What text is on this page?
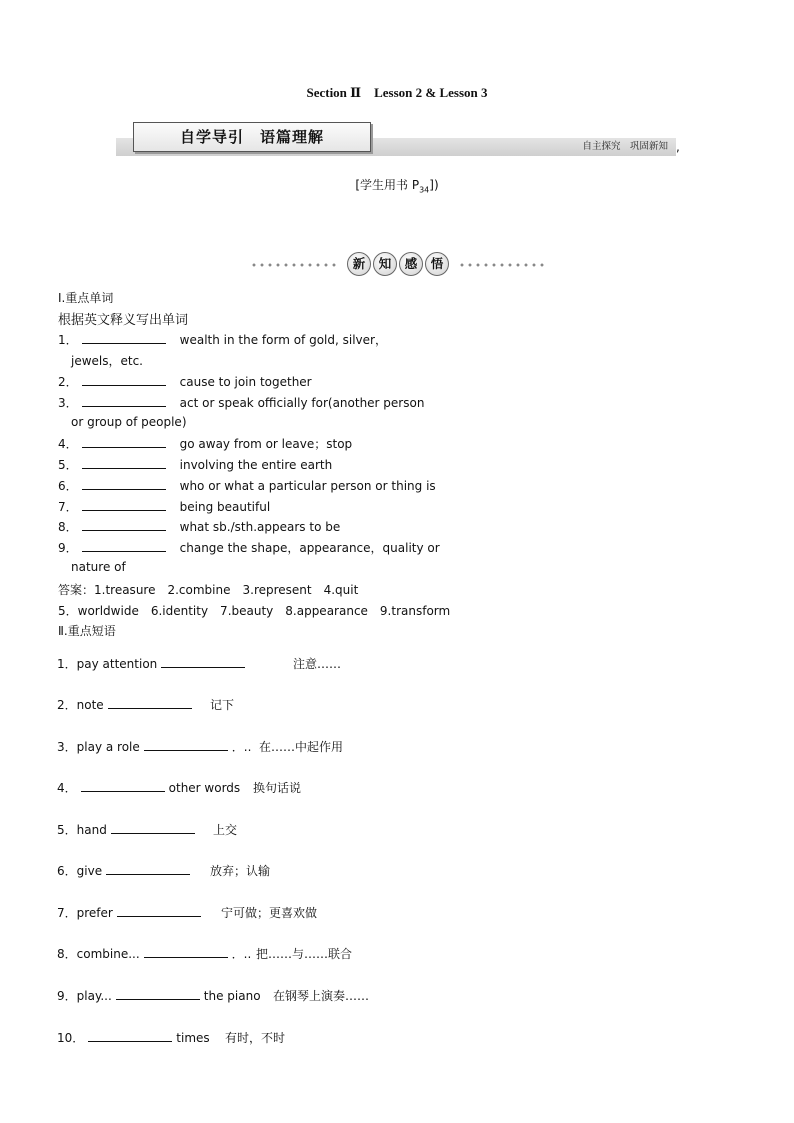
Section Ⅱ　Lesson 2 & Lesson 3
自学导引　语篇理解
自主探究　巩固新知 ,
[学生用书 $P_{34}$])
新	知	感	悟
Ⅰ.重点单词
根据英文释义写出单词
1．	wealth in the form of gold, silver，
jewels，etc.
2．	cause to join together
3．	act or speak officially for(another person
or group of people)
4．	go away from or leave；stop
5．	involving the entire earth
6．	who or what a particular person or thing is
7．	being beautiful
8．	what sb./sth.appears to be
9．	change the shape，appearance，quality or
nature of
答案：1.treasure　2.combine　3.represent　4.quit
5．worldwide　6.identity　7.beauty　8.appearance　9.transform
Ⅱ.重点短语
1．pay attention	注意……
2．note	记下
3．play a role	．.. 在……中起作用
4．	other words 换句话说
5．hand	上交
6．give	放弃；认输
7．prefer	宁可做；更喜欢做
8．combine...	．.. 把……与……联合
9．play...	the piano 在钢琴上演奏……
10．	times 有时，不时
